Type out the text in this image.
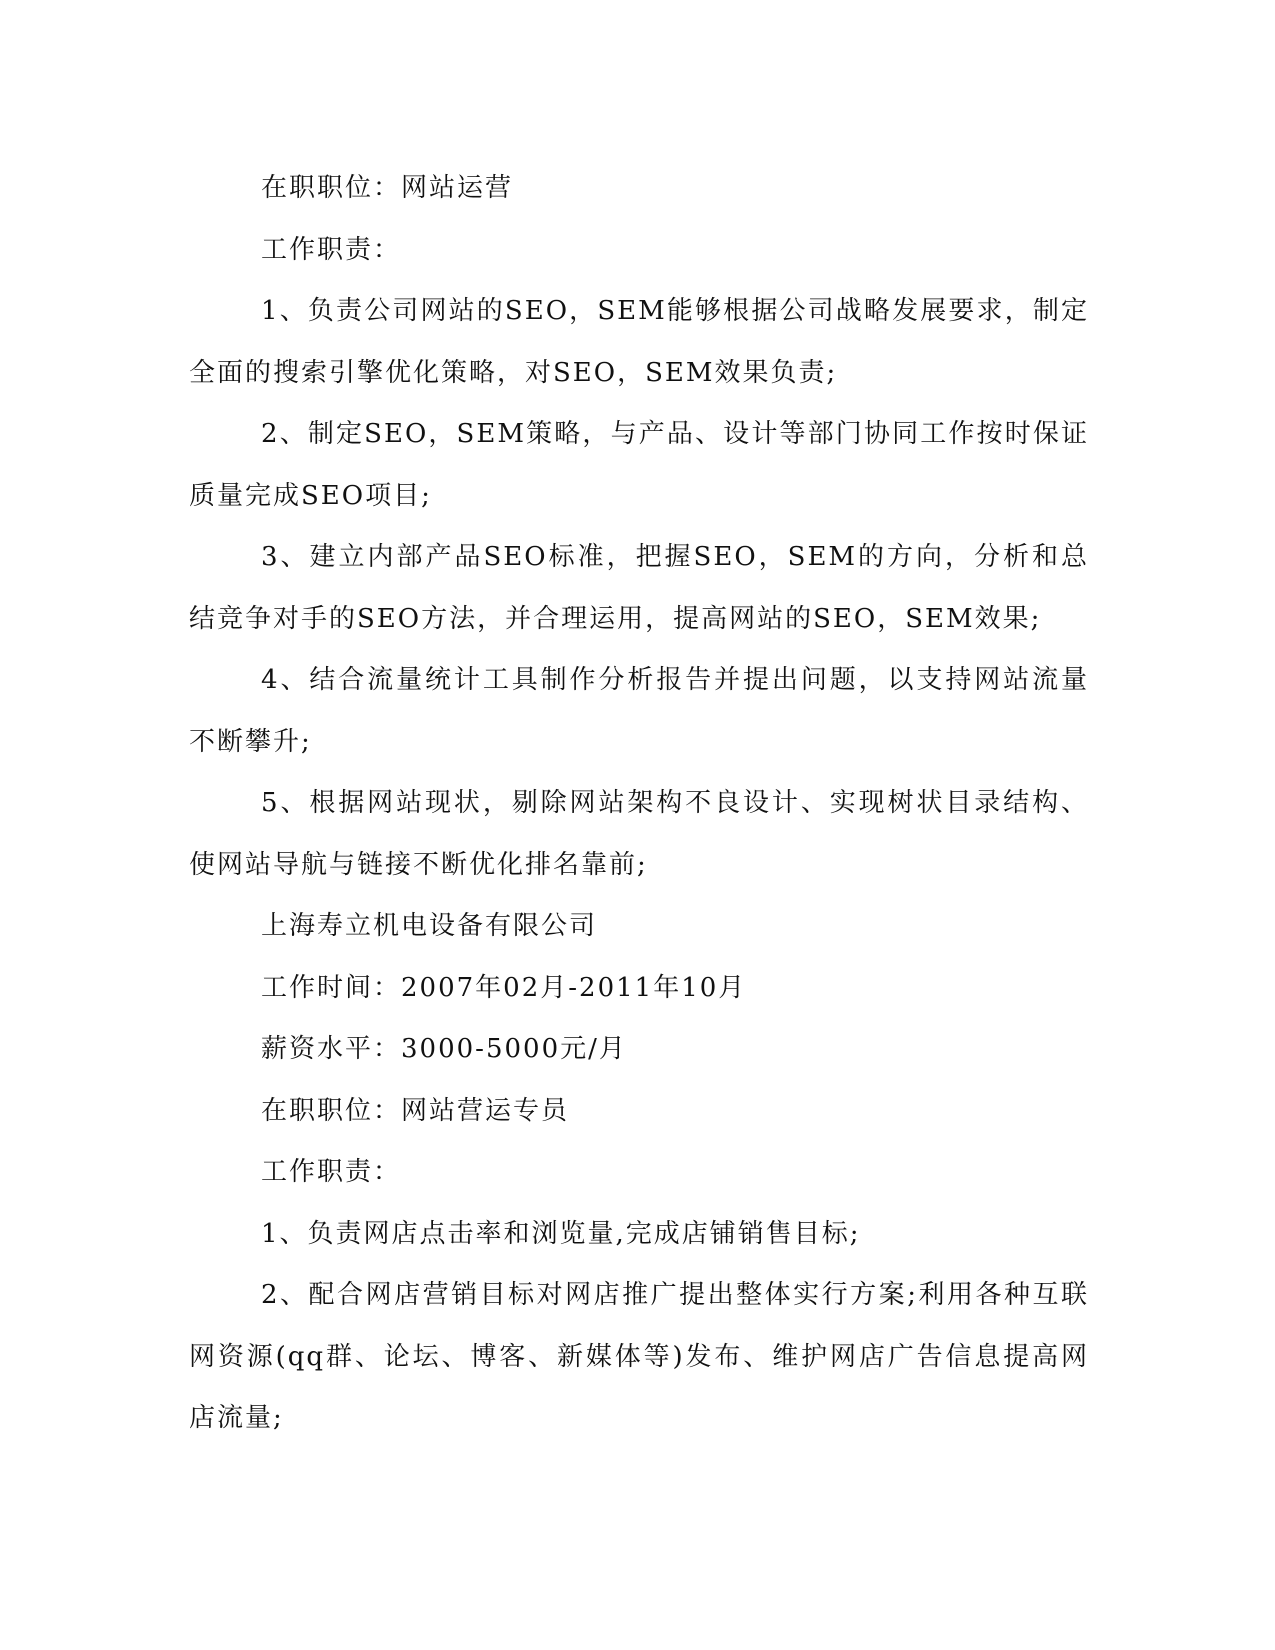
在职职位：网站运营

工作职责：

1、负责公司网站的SEO，SEM能够根据公司战略发展要求，制定全面的搜索引擎优化策略，对SEO，SEM效果负责;

2、制定SEO，SEM策略，与产品、设计等部门协同工作按时保证质量完成SEO项目;

3、建立内部产品SEO标准，把握SEO，SEM的方向，分析和总结竞争对手的SEO方法，并合理运用，提高网站的SEO，SEM效果;

4、结合流量统计工具制作分析报告并提出问题，以支持网站流量不断攀升;

5、根据网站现状，剔除网站架构不良设计、实现树状目录结构、使网站导航与链接不断优化排名靠前;

上海寿立机电设备有限公司

工作时间：2007年02月-2011年10月

薪资水平：3000-5000元/月

在职职位：网站营运专员

工作职责：

1、负责网店点击率和浏览量,完成店铺销售目标;

2、配合网店营销目标对网店推广提出整体实行方案;利用各种互联网资源(qq群、论坛、博客、新媒体等)发布、维护网店广告信息提高网店流量;
